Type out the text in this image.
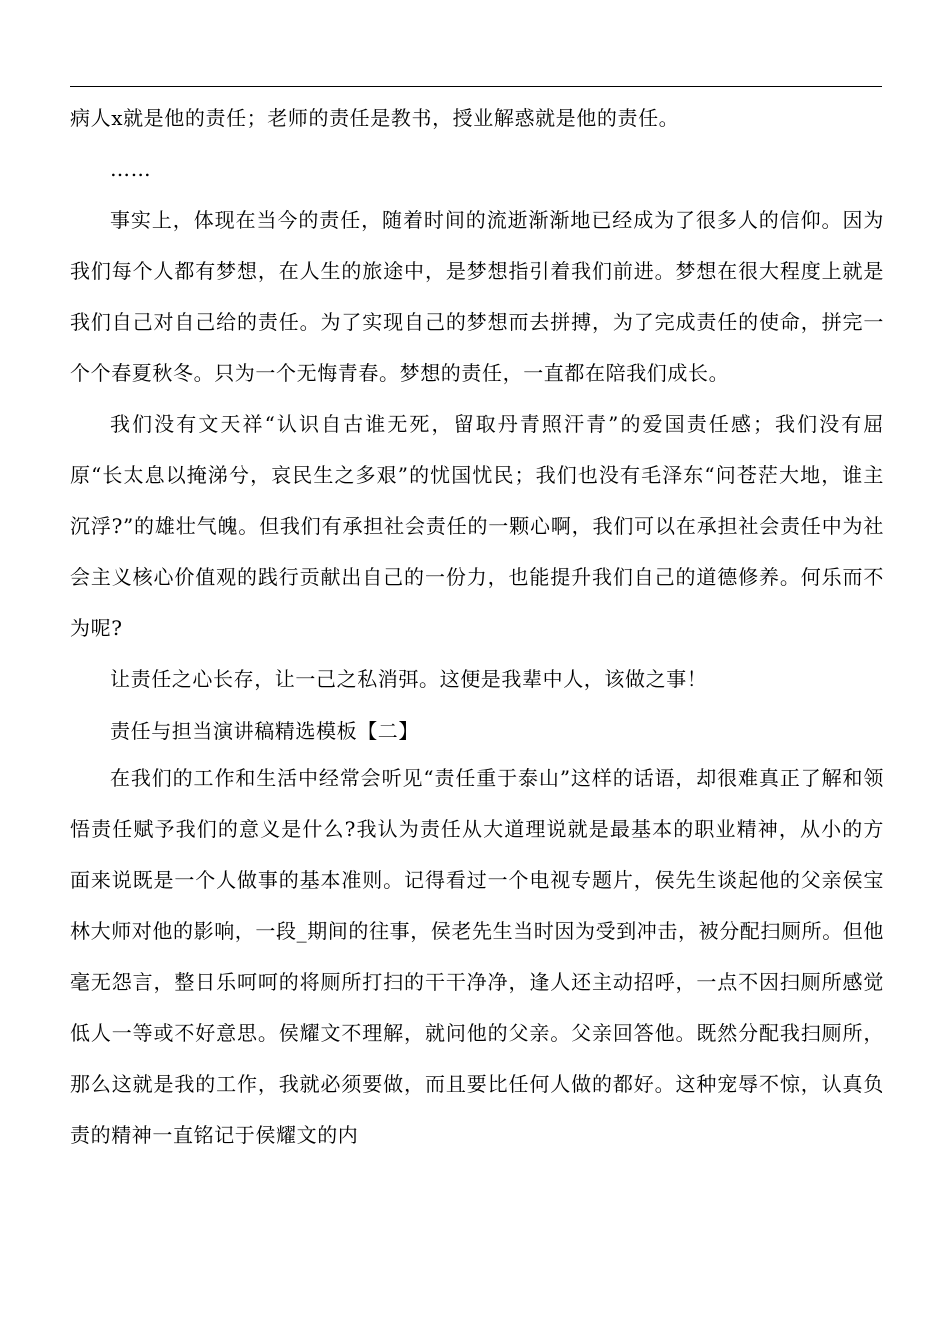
病人x就是他的责任；老师的责任是教书，授业解惑就是他的责任。

……

事实上，体现在当今的责任，随着时间的流逝渐渐地已经成为了很多人的信仰。因为我们每个人都有梦想，在人生的旅途中，是梦想指引着我们前进。梦想在很大程度上就是我们自己对自己给的责任。为了实现自己的梦想而去拼搏，为了完成责任的使命，拼完一个个春夏秋冬。只为一个无悔青春。梦想的责任，一直都在陪我们成长。

我们没有文天祥“认识自古谁无死，留取丹青照汗青”的爱国责任感；我们没有屈原“长太息以掩涕兮，哀民生之多艰”的忧国忧民；我们也没有毛泽东“问苍茫大地，谁主沉浮?”的雄壮气魄。但我们有承担社会责任的一颗心啊，我们可以在承担社会责任中为社会主义核心价值观的践行贡献出自己的一份力，也能提升我们自己的道德修养。何乐而不为呢?

让责任之心长存，让一己之私消弭。这便是我辈中人，该做之事！

责任与担当演讲稿精选模板【二】

在我们的工作和生活中经常会听见“责任重于泰山”这样的话语，却很难真正了解和领悟责任赋予我们的意义是什么?我认为责任从大道理说就是最基本的职业精神，从小的方面来说既是一个人做事的基本准则。记得看过一个电视专题片，侯先生谈起他的父亲侯宝林大师对他的影响，一段_期间的往事，侯老先生当时因为受到冲击，被分配扫厕所。但他毫无怨言，整日乐呵呵的将厕所打扫的干干净净，逢人还主动招呼，一点不因扫厕所感觉低人一等或不好意思。侯耀文不理解，就问他的父亲。父亲回答他。既然分配我扫厕所，那么这就是我的工作，我就必须要做，而且要比任何人做的都好。这种宠辱不惊，认真负责的精神一直铭记于侯耀文的内
